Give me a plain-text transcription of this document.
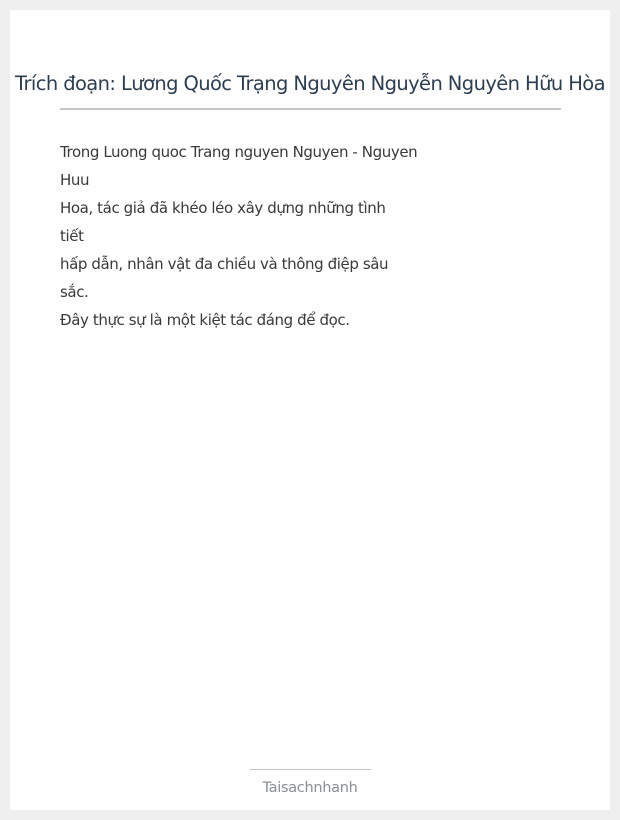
Trích đoạn: Lương Quốc Trạng Nguyên Nguyễn Nguyên Hữu Hòa
Trong Luong quoc Trang nguyen Nguyen - Nguyen
Huu
Hoa, tác giả đã khéo léo xây dựng những tình
tiết
hấp dẫn, nhân vật đa chiều và thông điệp sâu
sắc.
Đây thực sự là một kiệt tác đáng để đọc.
Taisachnhanh
